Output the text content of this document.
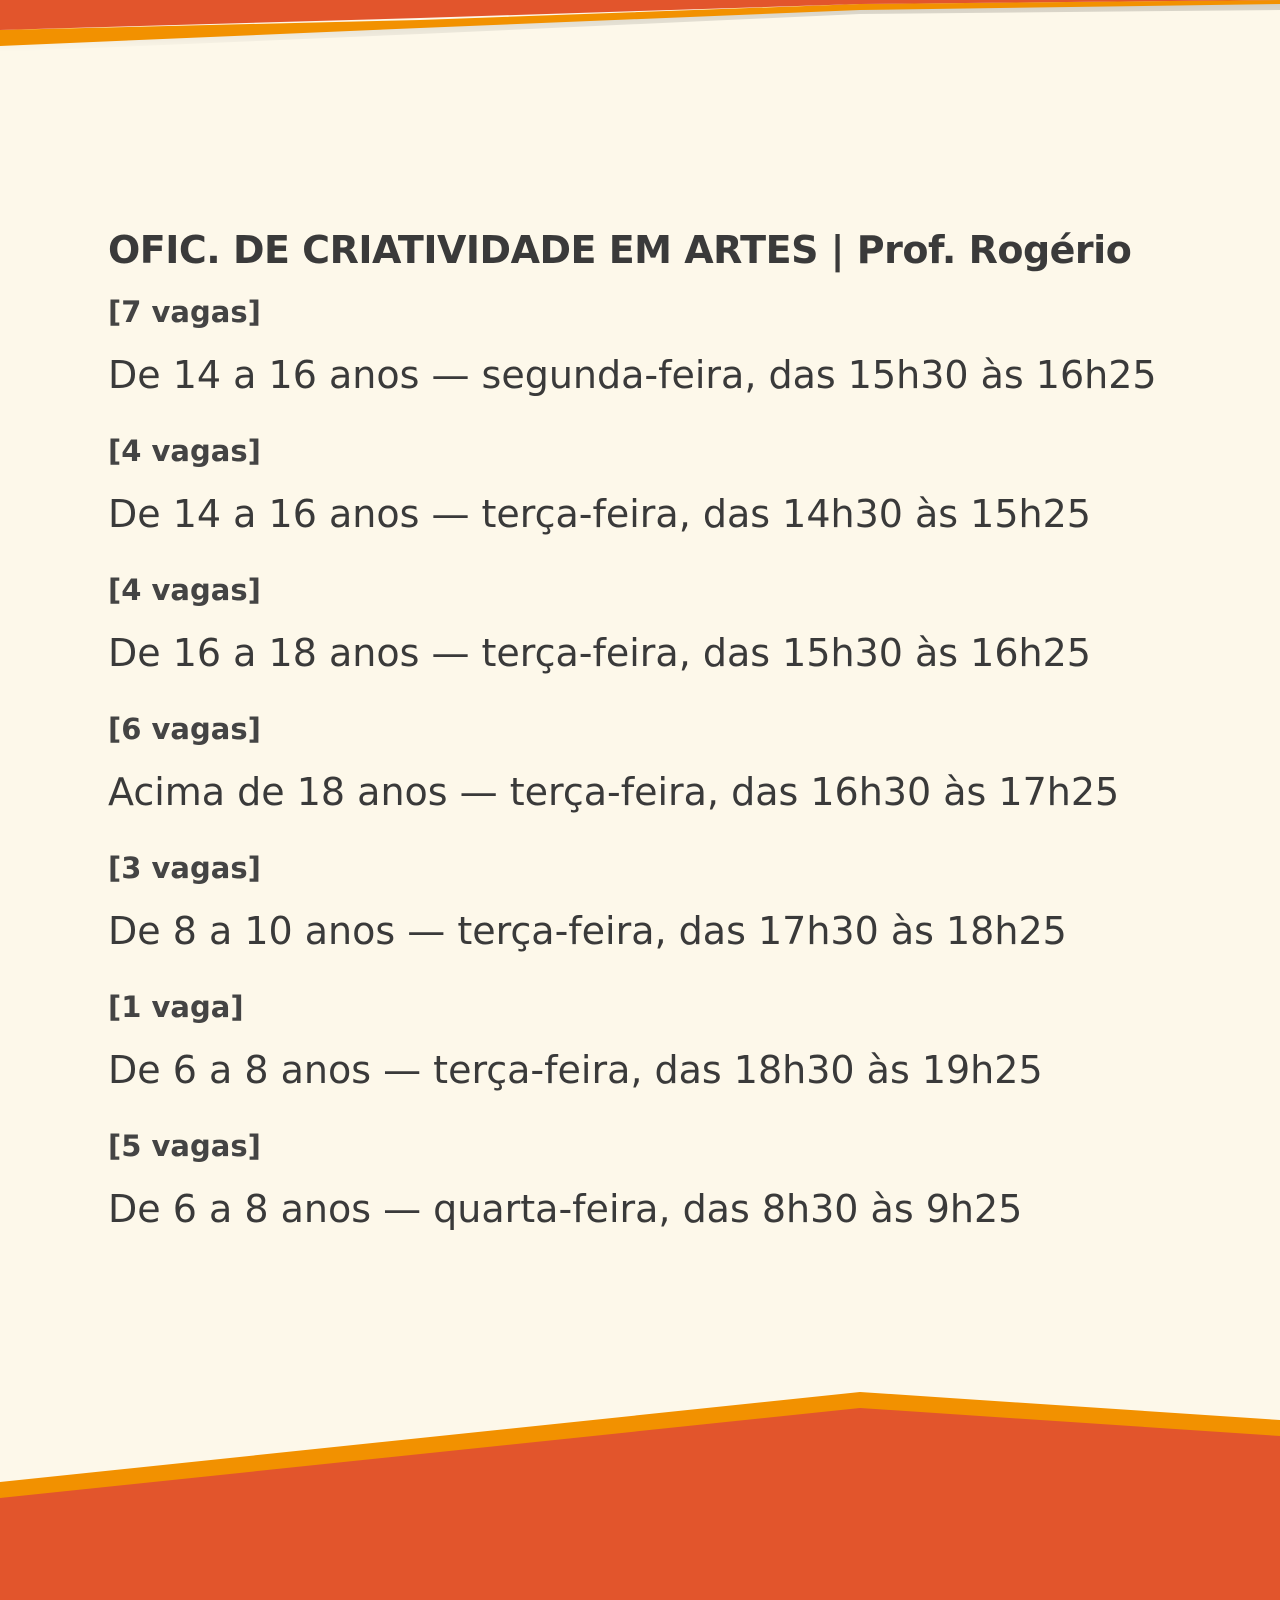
OFIC. DE CRIATIVIDADE EM ARTES | Prof. Rogério
[7 vagas]
De 14 a 16 anos — segunda-feira, das 15h30 às 16h25
[4 vagas]
De 14 a 16 anos — terça-feira, das 14h30 às 15h25
[4 vagas]
De 16 a 18 anos — terça-feira, das 15h30 às 16h25
[6 vagas]
Acima de 18 anos — terça-feira, das 16h30 às 17h25
[3 vagas]
De 8 a 10 anos — terça-feira, das 17h30 às 18h25
[1 vaga]
De 6 a 8 anos — terça-feira, das 18h30 às 19h25
[5 vagas]
De 6 a 8 anos — quarta-feira, das 8h30 às 9h25
